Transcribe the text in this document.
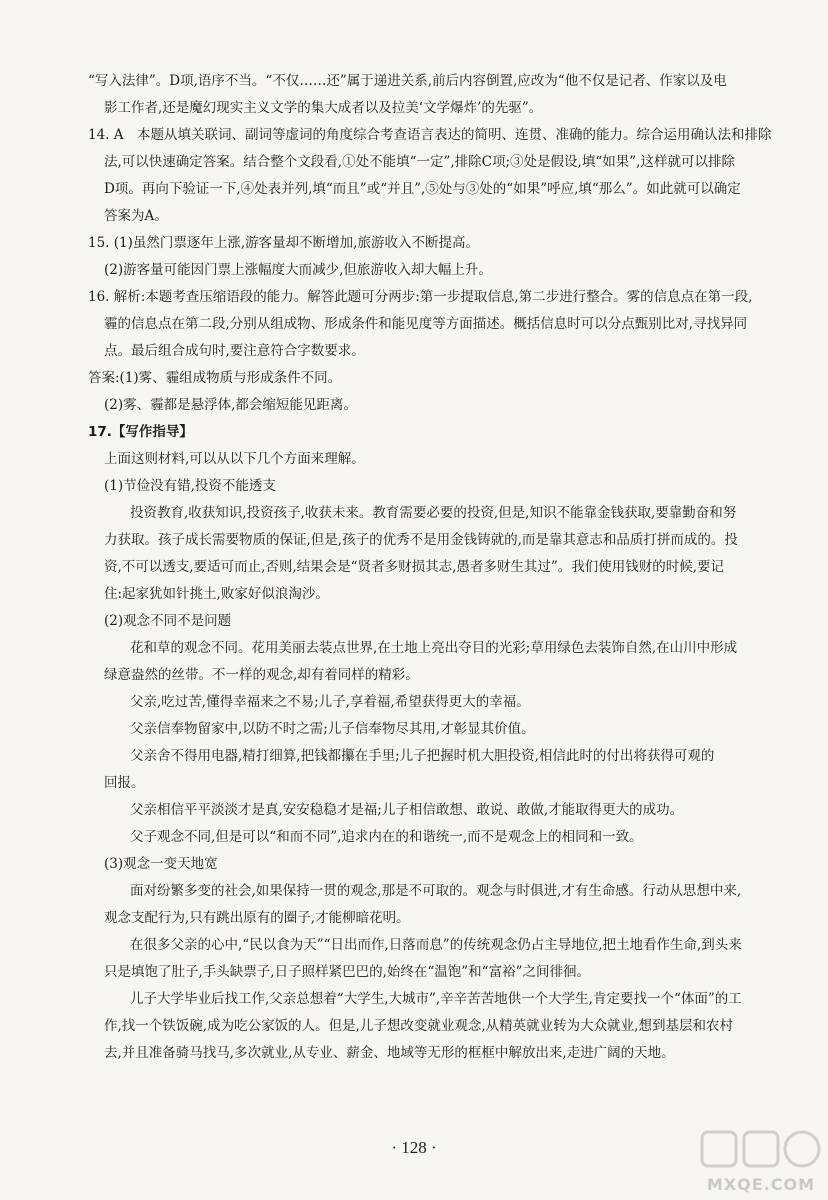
“写入法律”。D项,语序不当。“不仅……还”属于递进关系,前后内容倒置,应改为“他不仅是记者、作家以及电
影工作者,还是魔幻现实主义文学的集大成者以及拉美‘文学爆炸’的先驱”。
14. A　本题从填关联词、副词等虚词的角度综合考查语言表达的简明、连贯、准确的能力。综合运用确认法和排除
法,可以快速确定答案。结合整个文段看,①处不能填“一定”,排除C项;③处是假设,填“如果”,这样就可以排除
D项。再向下验证一下,④处表并列,填“而且”或“并且”,⑤处与③处的“如果”呼应,填“那么”。如此就可以确定
答案为A。
15. (1)虽然门票逐年上涨,游客量却不断增加,旅游收入不断提高。
(2)游客量可能因门票上涨幅度大而减少,但旅游收入却大幅上升。
16. 解析:本题考查压缩语段的能力。解答此题可分两步:第一步提取信息,第二步进行整合。雾的信息点在第一段,
霾的信息点在第二段,分别从组成物、形成条件和能见度等方面描述。概括信息时可以分点甄别比对,寻找异同
点。最后组合成句时,要注意符合字数要求。
答案:(1)雾、霾组成物质与形成条件不同。
(2)雾、霾都是悬浮体,都会缩短能见距离。
17.【写作指导】
上面这则材料,可以从以下几个方面来理解。
(1)节俭没有错,投资不能透支
投资教育,收获知识,投资孩子,收获未来。教育需要必要的投资,但是,知识不能靠金钱获取,要靠勤奋和努
力获取。孩子成长需要物质的保证,但是,孩子的优秀不是用金钱铸就的,而是靠其意志和品质打拼而成的。投
资,不可以透支,要适可而止,否则,结果会是“贤者多财损其志,愚者多财生其过”。我们使用钱财的时候,要记
住:起家犹如针挑土,败家好似浪淘沙。
(2)观念不同不是问题
花和草的观念不同。花用美丽去装点世界,在土地上亮出夺目的光彩;草用绿色去装饰自然,在山川中形成
绿意盎然的丝带。不一样的观念,却有着同样的精彩。
父亲,吃过苦,懂得幸福来之不易;儿子,享着福,希望获得更大的幸福。
父亲信奉物留家中,以防不时之需;儿子信奉物尽其用,才彰显其价值。
父亲舍不得用电器,精打细算,把钱都攥在手里;儿子把握时机大胆投资,相信此时的付出将获得可观的
回报。
父亲相信平平淡淡才是真,安安稳稳才是福;儿子相信敢想、敢说、敢做,才能取得更大的成功。
父子观念不同,但是可以“和而不同”,追求内在的和谐统一,而不是观念上的相同和一致。
(3)观念一变天地宽
面对纷繁多变的社会,如果保持一贯的观念,那是不可取的。观念与时俱进,才有生命感。行动从思想中来,
观念支配行为,只有跳出原有的圈子,才能柳暗花明。
在很多父亲的心中,“民以食为天”“日出而作,日落而息”的传统观念仍占主导地位,把土地看作生命,到头来
只是填饱了肚子,手头缺票子,日子照样紧巴巴的,始终在“温饱”和“富裕”之间徘徊。
儿子大学毕业后找工作,父亲总想着“大学生,大城市”,辛辛苦苦地供一个大学生,肯定要找一个“体面”的工
作,找一个铁饭碗,成为吃公家饭的人。但是,儿子想改变就业观念,从精英就业转为大众就业,想到基层和农村
去,并且准备骑马找马,多次就业,从专业、薪金、地域等无形的框框中解放出来,走进广阔的天地。
· 128 ·
MXQE.COM
